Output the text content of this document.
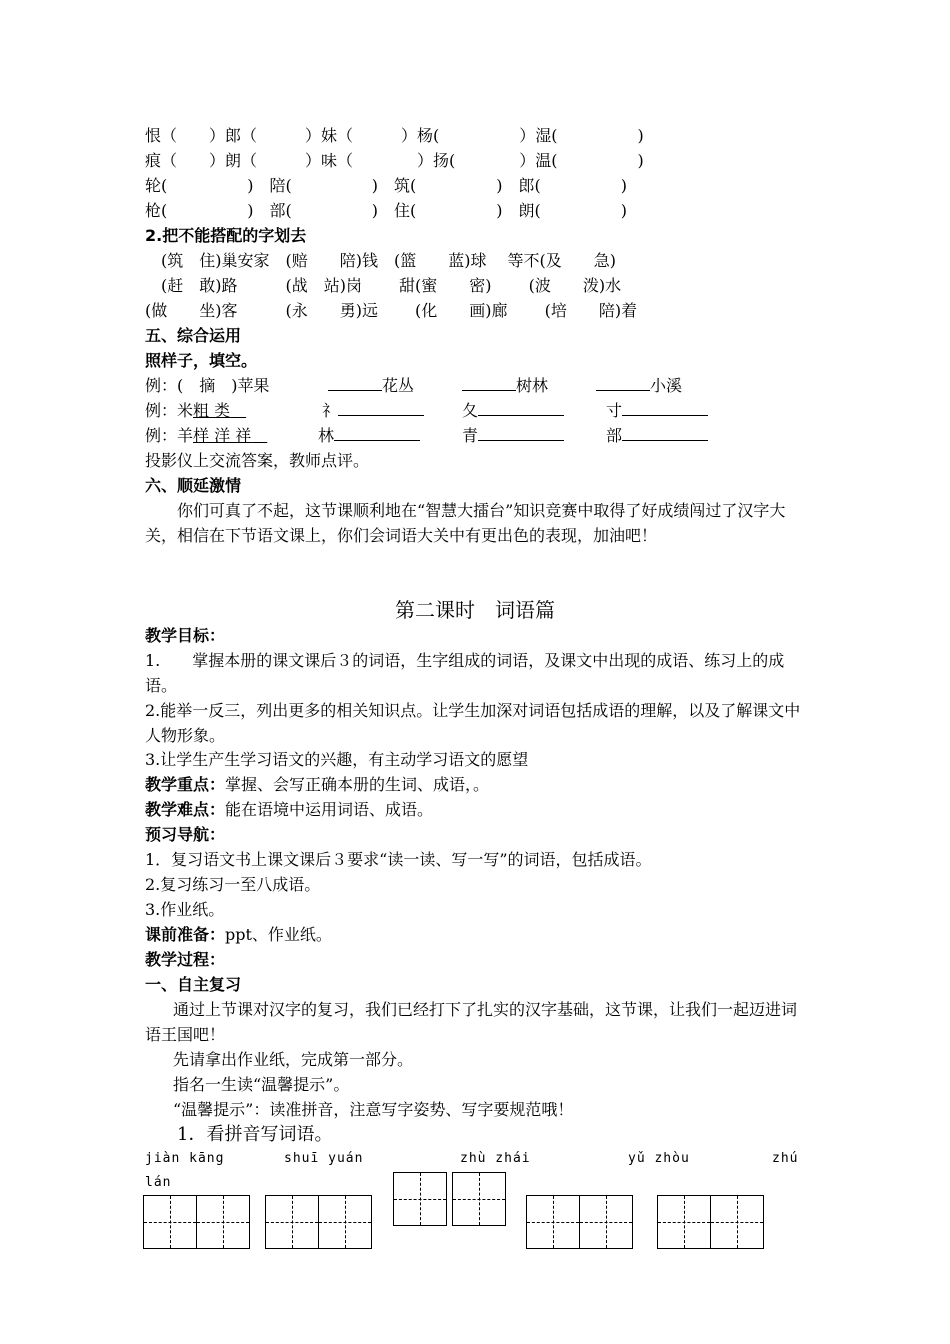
恨（　　）郎（　　　）妹（　　　）杨(　　　　　）湿(　　　　　)
痕（　　）朗（　　　）味（　　　　）扬(　　　　）温(　　　　　)
轮(　　　　　)　陪(　　　　　)　筑(　　　　　)　郎(　　　　　)
枪(　　　　　)　部(　　　　　)　住(　　　　　)　朗(　　　　　)
2.把不能搭配的字划去
　(筑　住)巢安家　(赔　　陪)钱　(篮　　蓝)球　 等不(及　　急)
　(赶　敢)路　　　(战　站)岗　　 甜(蜜　　密)　　 (波　　泼)水
(做　　坐)客　　　(永　　勇)远　　 (化　　画)廊　　 (培　　陪)着
五、综合运用
照样子，填空。
例：(　摘　)苹果	花丛	树林	小溪
例：米粗 类　	礻	夂	寸
例：羊样 洋 祥　	林	青	部
投影仪上交流答案，教师点评。
六、顺延激情
你们可真了不起，这节课顺利地在“智慧大擂台”知识竞赛中取得了好成绩闯过了汉字大关，相信在下节语文课上，你们会词语大关中有更出色的表现，加油吧！
第二课时　词语篇
教学目标：
1.　　掌握本册的课文课后３的词语，生字组成的词语，及课文中出现的成语、练习上的成语。
2.能举一反三，列出更多的相关知识点。让学生加深对词语包括成语的理解，以及了解课文中人物形象。
3.让学生产生学习语文的兴趣，有主动学习语文的愿望
教学重点：掌握、会写正确本册的生词、成语，。
教学难点：能在语境中运用词语、成语。
预习导航：
1．复习语文书上课文课后３要求“读一读、写一写”的词语，包括成语。
2.复习练习一至八成语。
3.作业纸。
课前准备：ppt、作业纸。
教学过程：
一、自主复习
通过上节课对汉字的复习，我们已经打下了扎实的汉字基础，这节课，让我们一起迈进词语王国吧！
先请拿出作业纸，完成第一部分。
指名一生读“温馨提示”。
“温馨提示”：读准拼音，注意写字姿势、写字要规范哦！
1．看拼音写词语。
jiàn kāng	shuī yuán	zhù zhái	yǔ zhòu	zhú
lán
